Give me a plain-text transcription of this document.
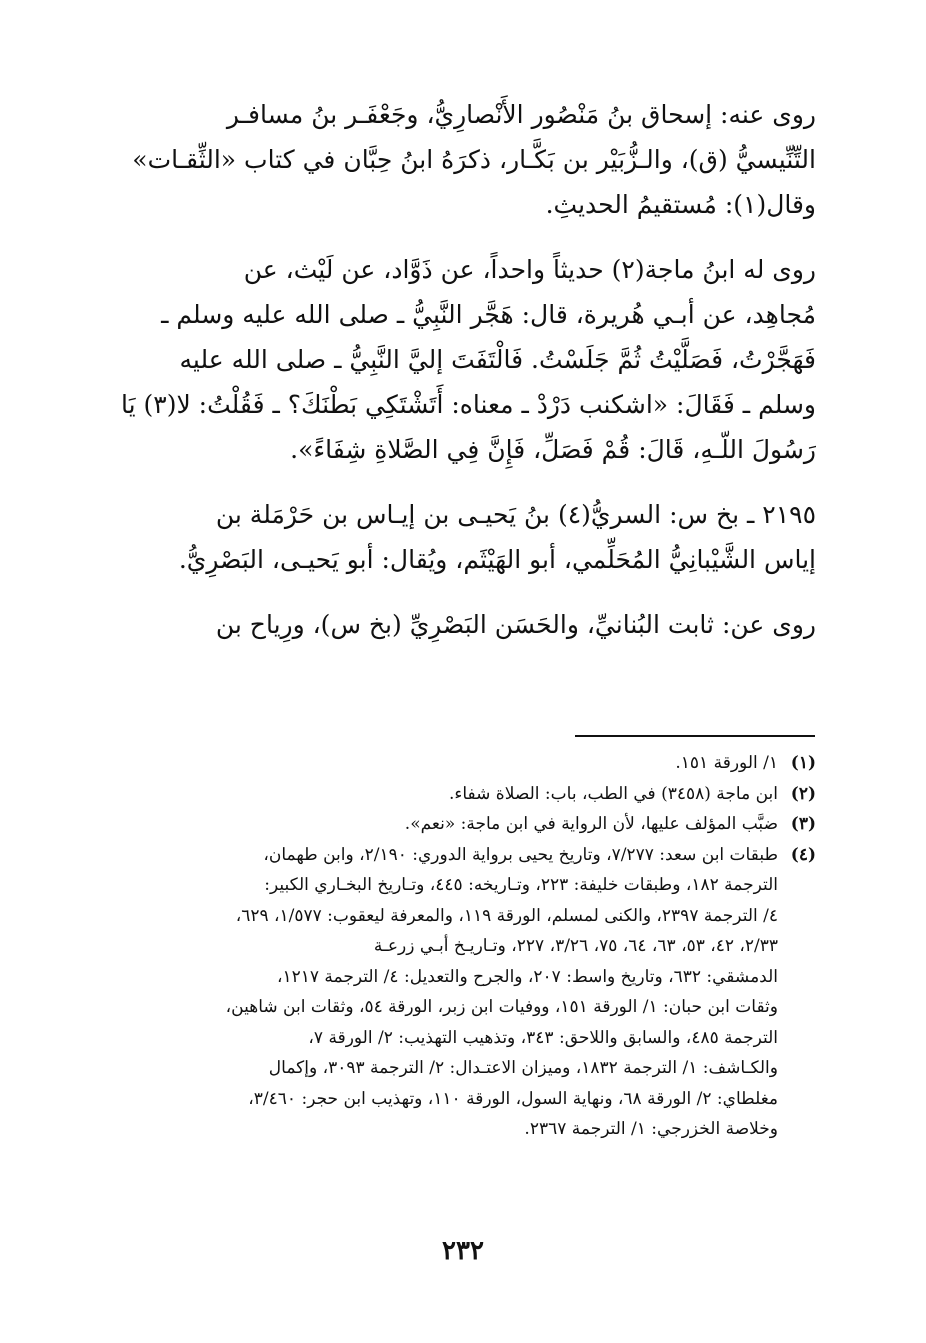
روى عنه: إسحاق بنُ مَنْصُور الأَنْصارِيُّ، وجَعْفَـر بنُ مسافـر
التِّنِّيسيُّ (ق)، والـزُّبَيْر بن بَكَّـار، ذكرَهُ ابنُ حِبَّان في كتاب «الثِّقـات»
وقال(١): مُستقيمُ الحديثِ.

روى له ابنُ ماجة(٢) حديثاً واحداً، عن ذَوَّاد، عن لَيْث، عن
مُجاهِد، عن أبـي هُريرة، قال: هَجَّر النَّبِيُّ ـ صلى الله عليه وسلم ـ
فَهَجَّرْتُ، فَصَلَّيْتُ ثُمَّ جَلَسْتُ. فَالْتَفَتَ إليَّ النَّبِيُّ ـ صلى الله عليه
وسلم ـ فَقَالَ: «اشكنب دَرْدْ ـ معناه: أَتَشْتَكِي بَطْنَكَ؟ ـ فَقُلْتُ: لا(٣) يَا
رَسُولَ اللّـهِ، قَالَ: قُمْ فَصَلِّ، فَإِنَّ فِي الصَّلاةِ شِفَاءً».

٢١٩٥ ـ بخ س: السريُّ(٤) بنُ يَحيـى بن إيـاس بن حَرْمَلة بن
إياس الشَّيْبانِيُّ المُحَلِّمي، أبو الهَيْثَم، ويُقال: أبو يَحيـى، البَصْرِيُّ.

روى عن: ثابت البُنانيِّ، والحَسَن البَصْرِيِّ (بخ س)، ورِياح بن

(١)
١/ الورقة ١٥١.
(٢)
ابن ماجة (٣٤٥٨) في الطب، باب: الصلاة شفاء.
(٣)
ضبَّب المؤلف عليها، لأن الرواية في ابن ماجة: «نعم».
(٤)
طبقات ابن سعد: ٧/٢٧٧، وتاريخ يحيى برواية الدوري: ٢/١٩٠، وابن طهمان،
الترجمة ١٨٢، وطبقات خليفة: ٢٢٣، وتـاريخه: ٤٤٥، وتـاريخ البخـاري الكبير:
٤/ الترجمة ٢٣٩٧، والكنى لمسلم، الورقة ١١٩، والمعرفة ليعقوب: ١/٥٧٧، ٦٢٩،
٢/٣٣، ٤٢، ٥٣، ٦٣، ٦٤، ٧٥، ٣/٢٦، ٢٢٧، وتـاريـخ أبـي زرعـة
الدمشقي: ٦٣٢، وتاريخ واسط: ٢٠٧، والجرح والتعديل: ٤/ الترجمة ١٢١٧،
وثقات ابن حبان: ١/ الورقة ١٥١، ووفيات ابن زبر، الورقة ٥٤، وثقات ابن شاهين،
الترجمة ٤٨٥، والسابق واللاحق: ٣٤٣، وتذهيب التهذيب: ٢/ الورقة ٧،
والكـاشف: ١/ الترجمة ١٨٣٢، وميزان الاعتـدال: ٢/ الترجمة ٣٠٩٣، وإكمال
مغلطاي: ٢/ الورقة ٦٨، ونهاية السول، الورقة ١١٠، وتهذيب ابن حجر: ٣/٤٦٠،
وخلاصة الخزرجي: ١/ الترجمة ٢٣٦٧.
٢٣٢
